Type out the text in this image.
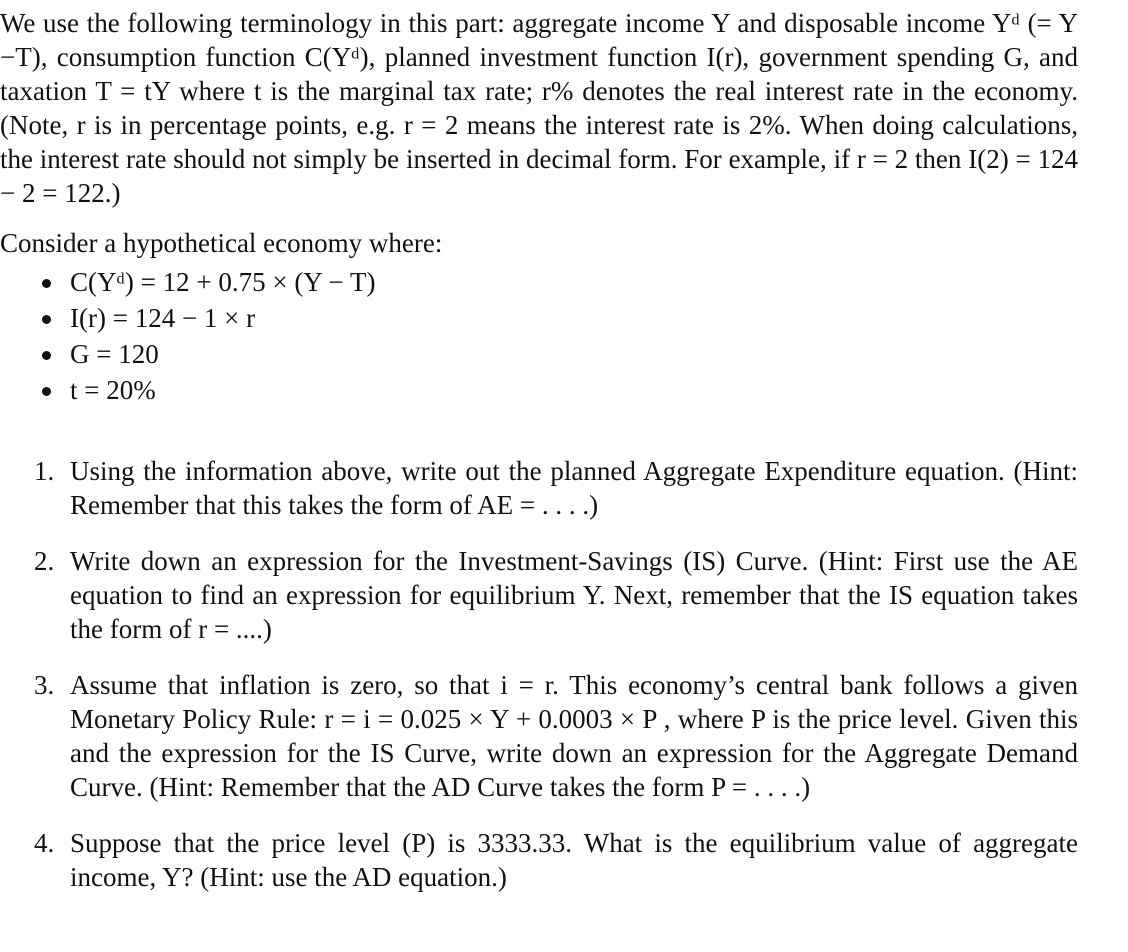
We use the following terminology in this part: aggregate income Y and disposable income Yᵈ (= Y −T), consumption function C(Yᵈ), planned investment function I(r), government spending G, and taxation T = tY where t is the marginal tax rate; r% denotes the real interest rate in the economy. (Note, r is in percentage points, e.g. r = 2 means the interest rate is 2%. When doing calculations, the interest rate should not simply be inserted in decimal form. For example, if r = 2 then I(2) = 124 − 2 = 122.)

Consider a hypothetical economy where:

C(Yᵈ) = 12 + 0.75 × (Y − T)
I(r) = 124 − 1 × r
G = 120
t = 20%
1. Using the information above, write out the planned Aggregate Expenditure equation. (Hint: Remember that this takes the form of AE = . . . .)
2. Write down an expression for the Investment-Savings (IS) Curve. (Hint: First use the AE equation to find an expression for equilibrium Y. Next, remember that the IS equation takes the form of r = ....)
3. Assume that inflation is zero, so that i = r. This economy’s central bank follows a given Monetary Policy Rule: r = i = 0.025 × Y + 0.0003 × P , where P is the price level. Given this and the expression for the IS Curve, write down an expression for the Aggregate Demand Curve. (Hint: Remember that the AD Curve takes the form P = . . . .)
4. Suppose that the price level (P) is 3333.33. What is the equilibrium value of aggregate income, Y? (Hint: use the AD equation.)
